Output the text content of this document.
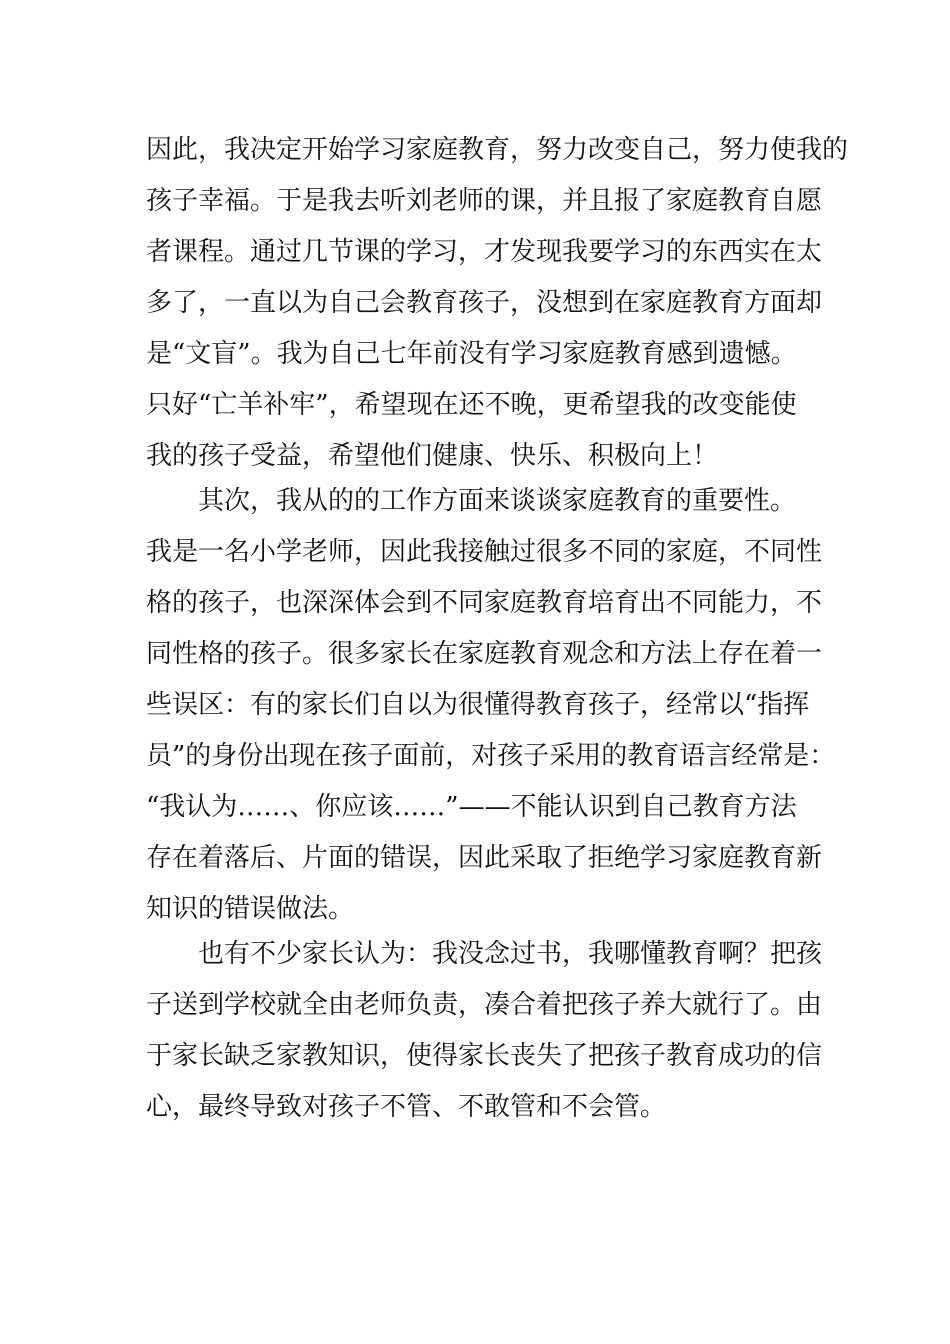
因此，我决定开始学习家庭教育，努力改变自己，努力使我的
孩子幸福。于是我去听刘老师的课，并且报了家庭教育自愿
者课程。通过几节课的学习，才发现我要学习的东西实在太
多了，一直以为自己会教育孩子，没想到在家庭教育方面却
是“文盲”。我为自己七年前没有学习家庭教育感到遗憾。
只好“亡羊补牢”，希望现在还不晚，更希望我的改变能使
我的孩子受益，希望他们健康、快乐、积极向上！
　　其次，我从的的工作方面来谈谈家庭教育的重要性。
我是一名小学老师，因此我接触过很多不同的家庭，不同性
格的孩子，也深深体会到不同家庭教育培育出不同能力，不
同性格的孩子。很多家长在家庭教育观念和方法上存在着一
些误区：有的家长们自以为很懂得教育孩子，经常以“指挥
员”的身份出现在孩子面前，对孩子采用的教育语言经常是：
“我认为……、你应该……”——不能认识到自己教育方法
存在着落后、片面的错误，因此采取了拒绝学习家庭教育新
知识的错误做法。
　　也有不少家长认为：我没念过书，我哪懂教育啊？把孩
子送到学校就全由老师负责，凑合着把孩子养大就行了。由
于家长缺乏家教知识，使得家长丧失了把孩子教育成功的信
心，最终导致对孩子不管、不敢管和不会管。
